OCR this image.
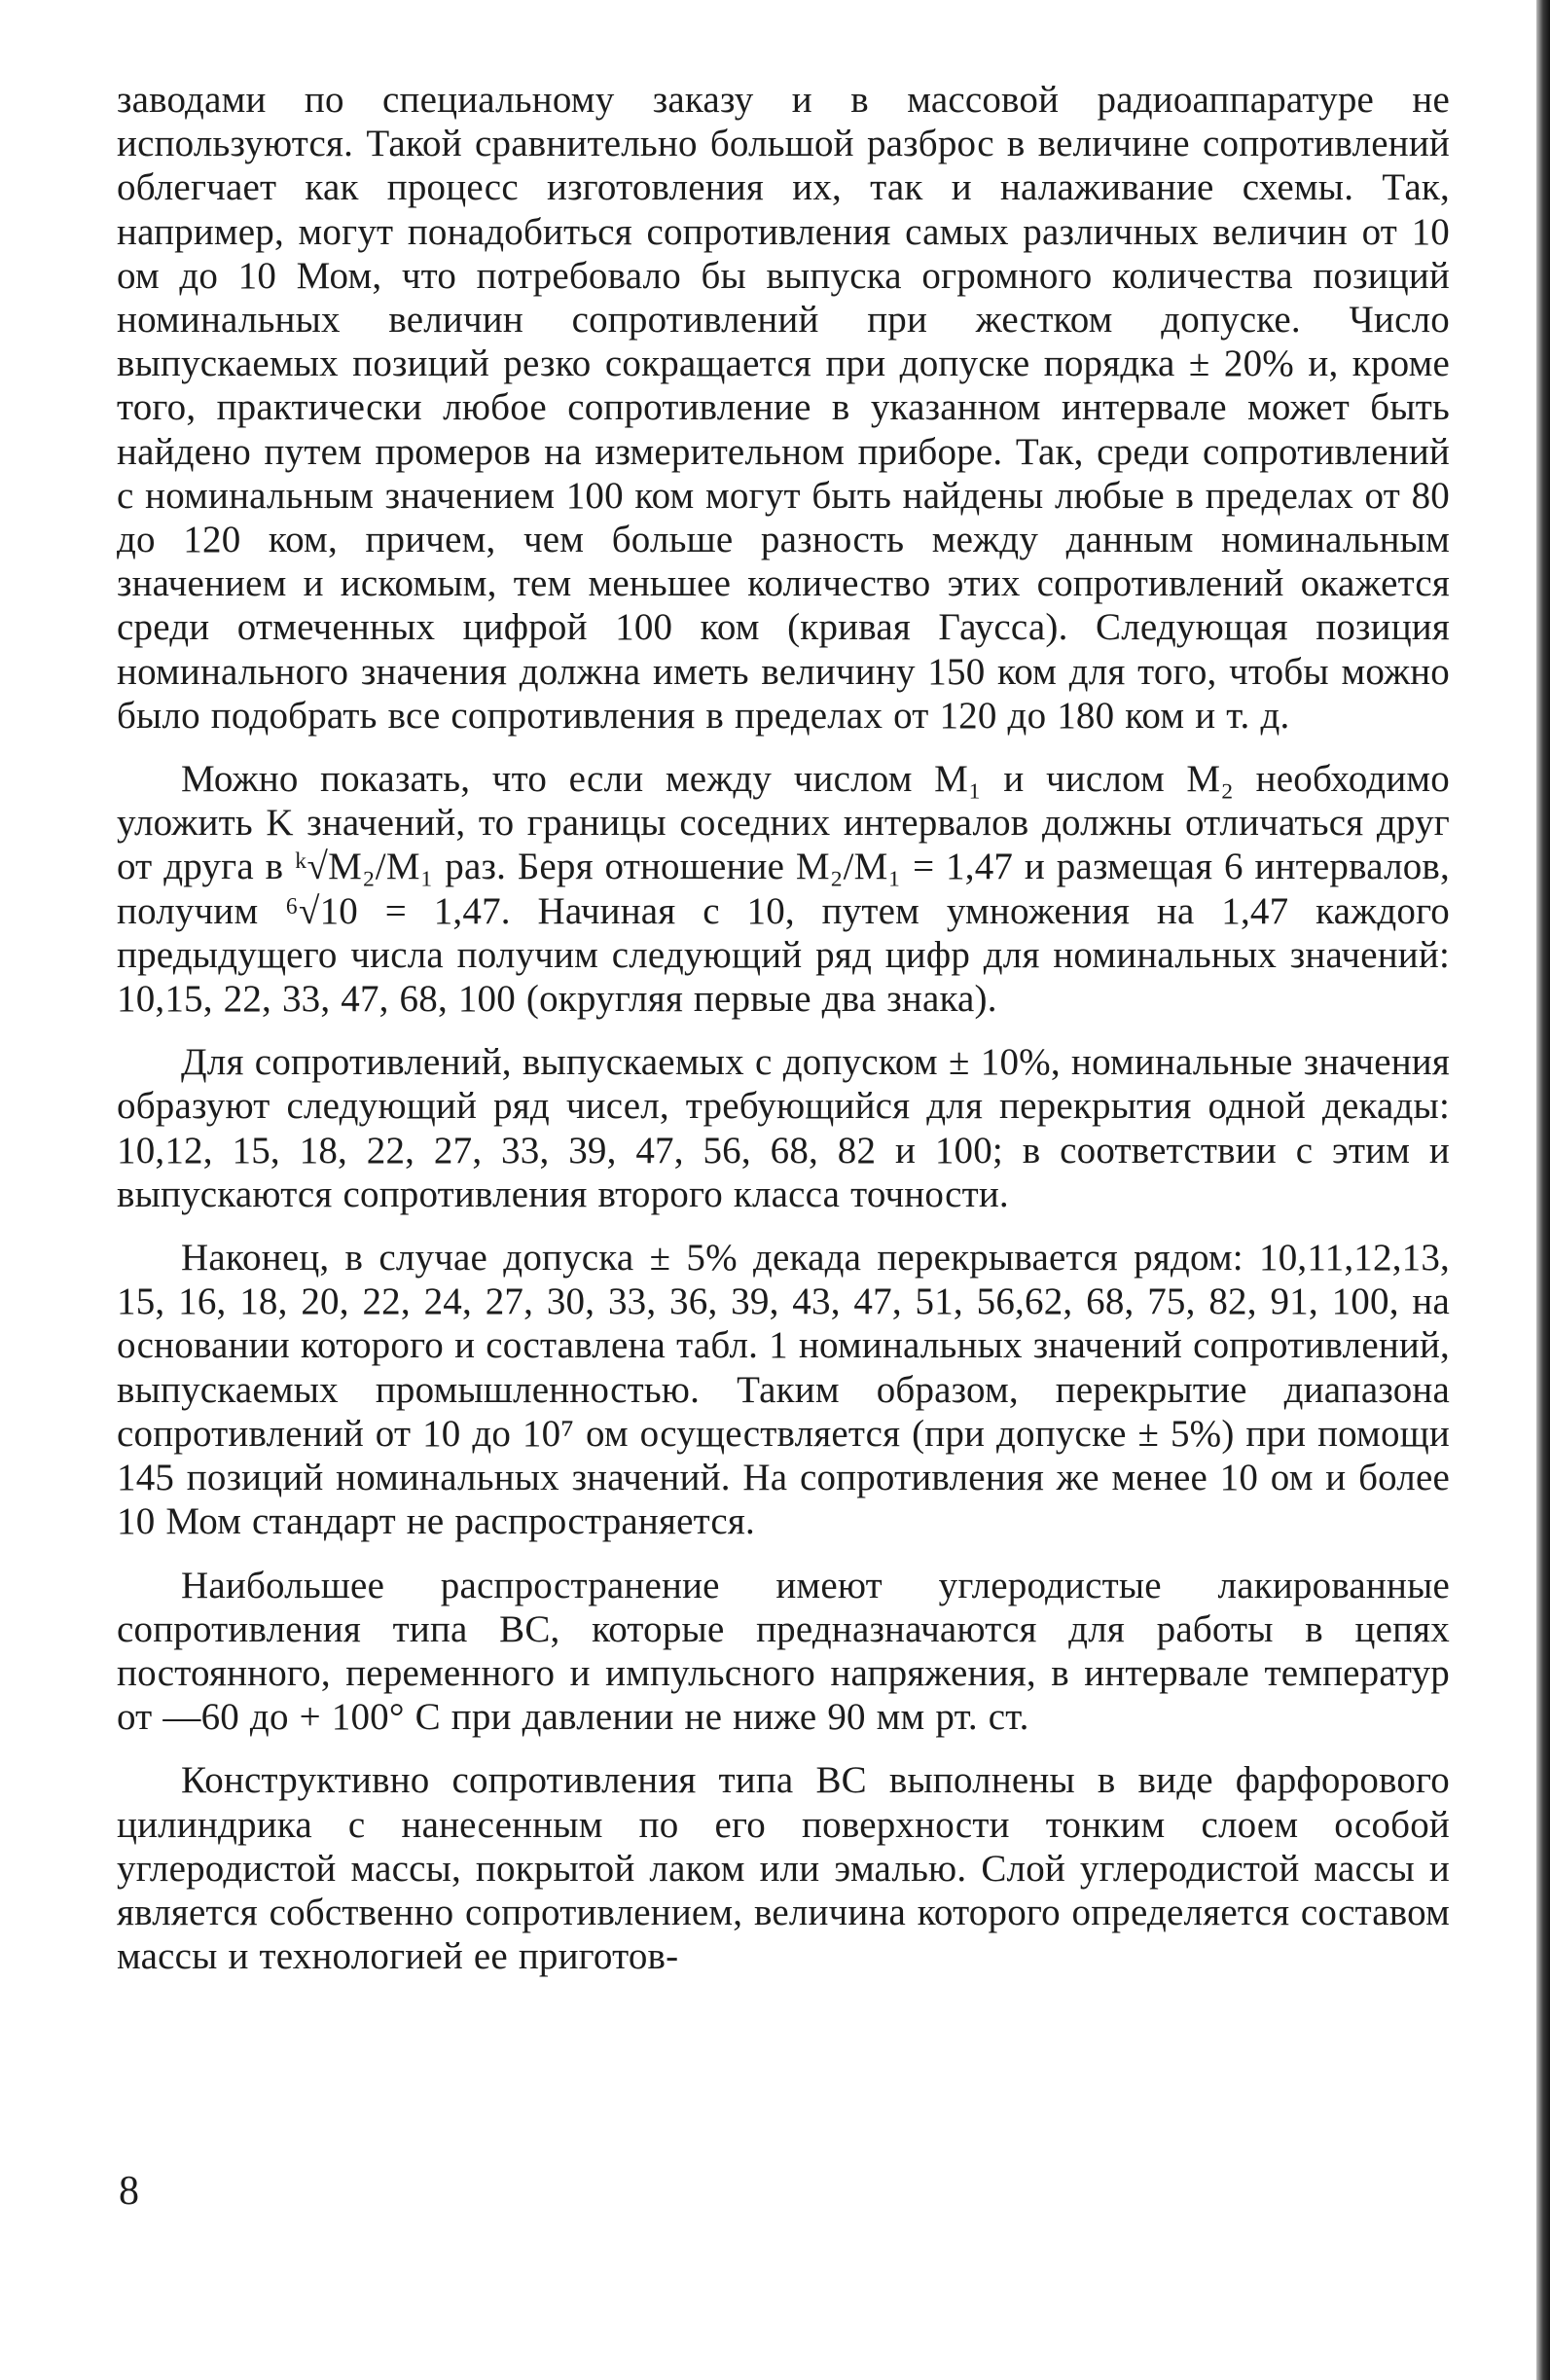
заводами по специальному заказу и в массовой радиоаппаратуре не используются. Такой сравнительно большой разброс в величине сопротивлений облегчает как процесс изготовления их, так и налаживание схемы. Так, например, могут понадобиться сопротивления самых различных величин от 10 ом до 10 Мом, что потребовало бы выпуска огромного количества позиций номинальных величин сопротивлений при жестком допуске. Число выпускаемых позиций резко сокращается при допуске порядка ± 20% и, кроме того, практически любое сопротивление в указанном интервале может быть найдено путем промеров на измерительном приборе. Так, среди сопротивлений с номинальным значением 100 ком могут быть найдены любые в пределах от 80 до 120 ком, причем, чем больше разность между данным номинальным значением и искомым, тем меньшее количество этих сопротивлений окажется среди отмеченных цифрой 100 ком (кривая Гаусса). Следующая позиция номинального значения должна иметь величину 150 ком для того, чтобы можно было подобрать все сопротивления в пределах от 120 до 180 ком и т. д.

Можно показать, что если между числом M₁ и числом M₂ необходимо уложить K значений, то границы соседних интервалов должны отличаться друг от друга в ᵏ√M₂/M₁ раз. Беря отношение M₂/M₁ = 1,47 и размещая 6 интервалов, получим ⁶√10 = 1,47. Начиная с 10, путем умножения на 1,47 каждого предыдущего числа получим следующий ряд цифр для номинальных значений: 10,15, 22, 33, 47, 68, 100 (округляя первые два знака).

Для сопротивлений, выпускаемых с допуском ± 10%, номинальные значения образуют следующий ряд чисел, требующийся для перекрытия одной декады: 10,12, 15, 18, 22, 27, 33, 39, 47, 56, 68, 82 и 100; в соответствии с этим и выпускаются сопротивления второго класса точности.

Наконец, в случае допуска ± 5% декада перекрывается рядом: 10,11,12,13, 15, 16, 18, 20, 22, 24, 27, 30, 33, 36, 39, 43, 47, 51, 56,62, 68, 75, 82, 91, 100, на основании которого и составлена табл. 1 номинальных значений сопротивлений, выпускаемых промышленностью. Таким образом, перекрытие диапазона сопротивлений от 10 до 10⁷ ом осуществляется (при допуске ± 5%) при помощи 145 позиций номинальных значений. На сопротивления же менее 10 ом и более 10 Мом стандарт не распространяется.

Наибольшее распространение имеют углеродистые лакированные сопротивления типа ВС, которые предназначаются для работы в цепях постоянного, переменного и импульсного напряжения, в интервале температур от —60 до + 100° С при давлении не ниже 90 мм рт. ст.

Конструктивно сопротивления типа ВС выполнены в виде фарфорового цилиндрика с нанесенным по его поверхности тонким слоем особой углеродистой массы, покрытой лаком или эмалью. Слой углеродистой массы и является собственно сопротивлением, величина которого определяется составом массы и технологией ее приготов-

8
